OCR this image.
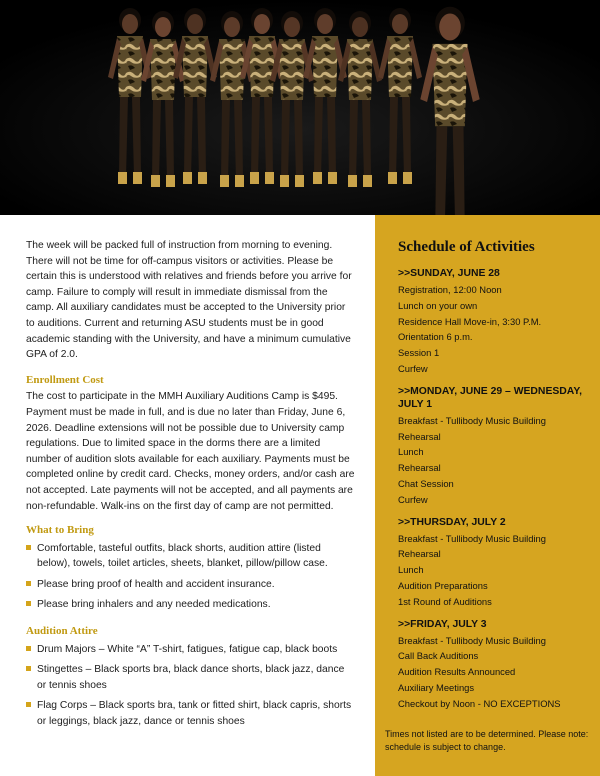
The week will be packed full of instruction from morning to evening. There will not be time for off-campus visitors or activities. Please be certain this is understood with relatives and friends before you arrive for camp. Failure to comply will result in immediate dismissal from the camp. All auxiliary candidates must be accepted to the University prior to auditions. Current and returning ASU students must be in good academic standing with the University, and have a minimum cumulative GPA of 2.0.

Enrollment Cost

The cost to participate in the MMH Auxiliary Auditions Camp is $495. Payment must be made in full, and is due no later than Friday, June 6, 2026. Deadline extensions will not be possible due to University camp regulations. Due to limited space in the dorms there are a limited number of audition slots available for each auxiliary. Payments must be completed online by credit card. Checks, money orders, and/or cash are not accepted. Late payments will not be accepted, and all payments are non-refundable. Walk-ins on the first day of camp are not permitted.

What to Bring
Comfortable, tasteful outfits, black shorts, audition attire (listed below), towels, toilet articles, sheets, blanket, pillow/pillow case.
Please bring proof of health and accident insurance.
Please bring inhalers and any needed medications.
Audition Attire
Drum Majors – White “A” T-shirt, fatigues, fatigue cap, black boots
Stingettes – Black sports bra, black dance shorts, black jazz, dance or tennis shoes
Flag Corps – Black sports bra, tank or fitted shirt, black capris, shorts or leggings, black jazz, dance or tennis shoes
Schedule of Activities
>>SUNDAY, JUNE 28
Registration, 12:00 Noon
Lunch on your own
Residence Hall Move-in, 3:30 P.M.
Orientation 6 p.m.
Session 1
Curfew
>>MONDAY, JUNE 29 – WEDNESDAY, JULY 1
Breakfast - Tullibody Music Building
Rehearsal
Lunch
Rehearsal
Chat Session
Curfew
>>THURSDAY, JULY 2
Breakfast - Tullibody Music Building
Rehearsal
Lunch
Audition Preparations
1st Round of Auditions
>>FRIDAY, JULY 3
Breakfast - Tullibody Music Building
Call Back Auditions
Audition Results Announced
Auxiliary Meetings
Checkout by Noon - NO EXCEPTIONS
Times not listed are to be determined. Please note: schedule is subject to change.
